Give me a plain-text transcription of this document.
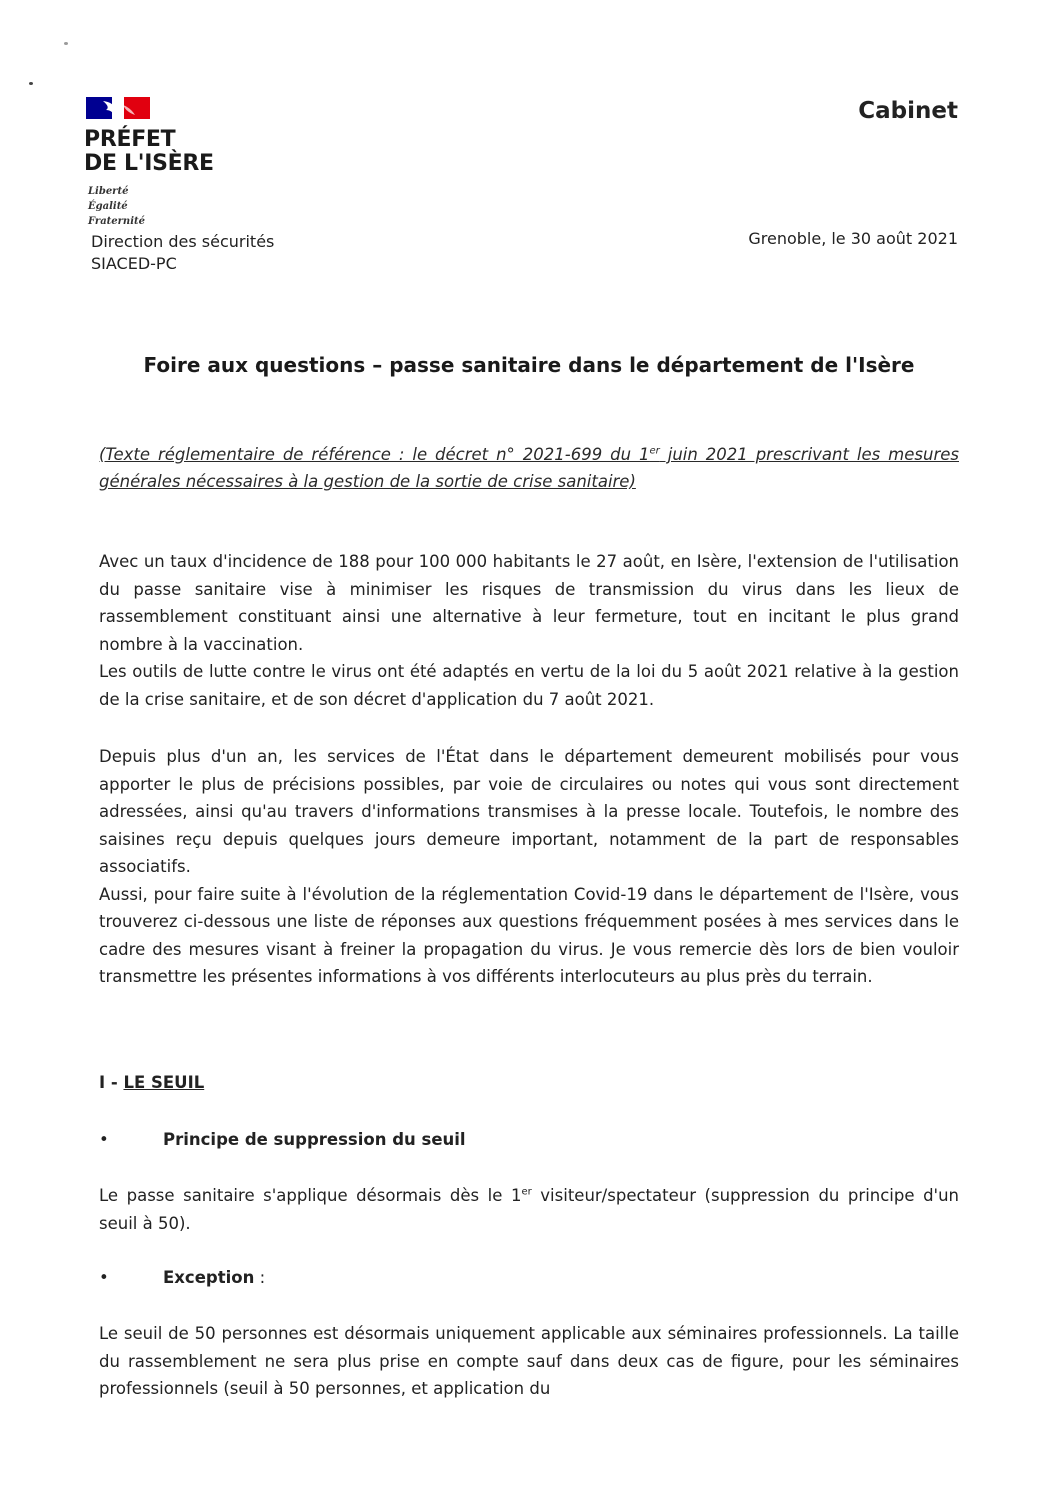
PRÉFET
DE L'ISÈRE
Liberté
Égalité
Fraternité
Direction des sécurités
SIACED-PC
Cabinet
Grenoble, le 30 août 2021
Foire aux questions – passe sanitaire dans le département de l'Isère
(Texte réglementaire de référence : le décret n° 2021-699 du 1er juin 2021 prescrivant les mesures générales nécessaires à la gestion de la sortie de crise sanitaire)

Avec un taux d'incidence de 188 pour 100 000 habitants le 27 août, en Isère, l'extension de l'utilisation du passe sanitaire vise à minimiser les risques de transmission du virus dans les lieux de rassemblement constituant ainsi une alternative à leur fermeture, tout en incitant le plus grand nombre à la vaccination.

Les outils de lutte contre le virus ont été adaptés en vertu de la loi du 5 août 2021 relative à la gestion de la crise sanitaire, et de son décret d'application du 7 août 2021.

Depuis plus d'un an, les services de l'État dans le département demeurent mobilisés pour vous apporter le plus de précisions possibles, par voie de circulaires ou notes qui vous sont directement adressées, ainsi qu'au travers d'informations transmises à la presse locale. Toutefois, le nombre des saisines reçu depuis quelques jours demeure important, notamment de la part de responsables associatifs.

Aussi, pour faire suite à l'évolution de la réglementation Covid-19 dans le département de l'Isère, vous trouverez ci-dessous une liste de réponses aux questions fréquemment posées à mes services dans le cadre des mesures visant à freiner la propagation du virus. Je vous remercie dès lors de bien vouloir transmettre les présentes informations à vos différents interlocuteurs au plus près du terrain.

I - LE SEUIL
•	Principe de suppression du seuil

Le passe sanitaire s'applique désormais dès le 1er visiteur/spectateur (suppression du principe d'un seuil à 50).

•	Exception :

Le seuil de 50 personnes est désormais uniquement applicable aux séminaires professionnels. La taille du rassemblement ne sera plus prise en compte sauf dans deux cas de figure, pour les séminaires professionnels (seuil à 50 personnes, et application du
